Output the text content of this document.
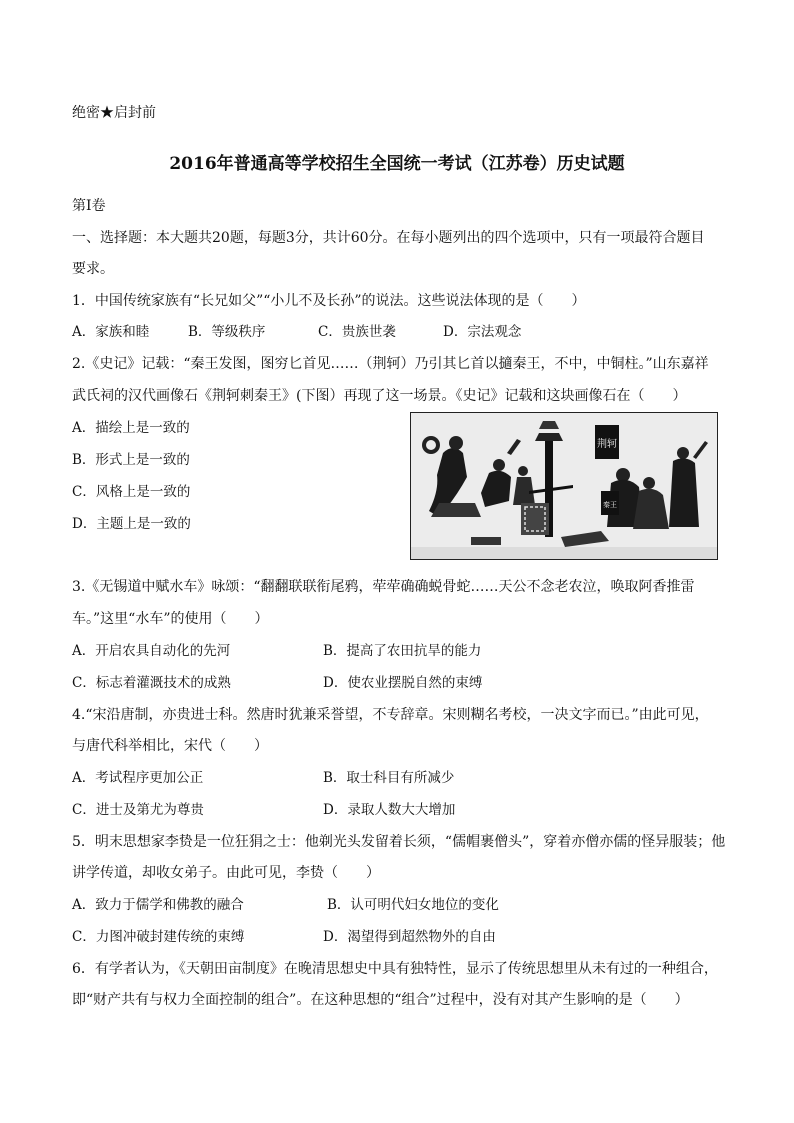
绝密★启封前
2016年普通高等学校招生全国统一考试（江苏卷）历史试题
第Ⅰ卷
一、选择题：本大题共20题，每题3分，共计60分。在每小题列出的四个选项中，只有一项最符合题目
要求。
1．中国传统家族有“长兄如父”“小儿不及长孙”的说法。这些说法体现的是（　　）
A．家族和睦	B．等级秩序	C．贵族世袭	D．宗法观念
2.《史记》记载：“秦王发图，图穷匕首见……（荆轲）乃引其匕首以擿秦王，不中，中铜柱。”山东嘉祥
武氏祠的汉代画像石《荆轲刺秦王》(下图）再现了这一场景。《史记》记载和这块画像石在（　　）
A．描绘上是一致的
B．形式上是一致的
C．风格上是一致的
D．主题上是一致的
荆轲
秦王
3.《无锡道中赋水车》咏颂：“翻翻联联衔尾鸦，荦荦确确蜕骨蛇……天公不念老农泣，唤取阿香推雷
车。”这里“水车”的使用（　　）
A．开启农具自动化的先河	B．提高了农田抗旱的能力
C．标志着灌溉技术的成熟	D．使农业摆脱自然的束缚
4.“宋沿唐制，亦贵进士科。然唐时犹兼采誉望，不专辞章。宋则糊名考校，一决文字而已。”由此可见，
与唐代科举相比，宋代（　　）
A．考试程序更加公正	B．取士科目有所减少
C．进士及第尤为尊贵	D．录取人数大大增加
5．明末思想家李贽是一位狂狷之士：他剃光头发留着长须，“儒帽裹僧头”，穿着亦僧亦儒的怪异服装；他
讲学传道，却收女弟子。由此可见，李贽（　　）
A．致力于儒学和佛教的融合	B．认可明代妇女地位的变化
C．力图冲破封建传统的束缚	D．渴望得到超然物外的自由
6．有学者认为，《天朝田亩制度》在晚清思想史中具有独特性，显示了传统思想里从未有过的一种组合，
即“财产共有与权力全面控制的组合”。在这种思想的“组合”过程中，没有对其产生影响的是（　　）
